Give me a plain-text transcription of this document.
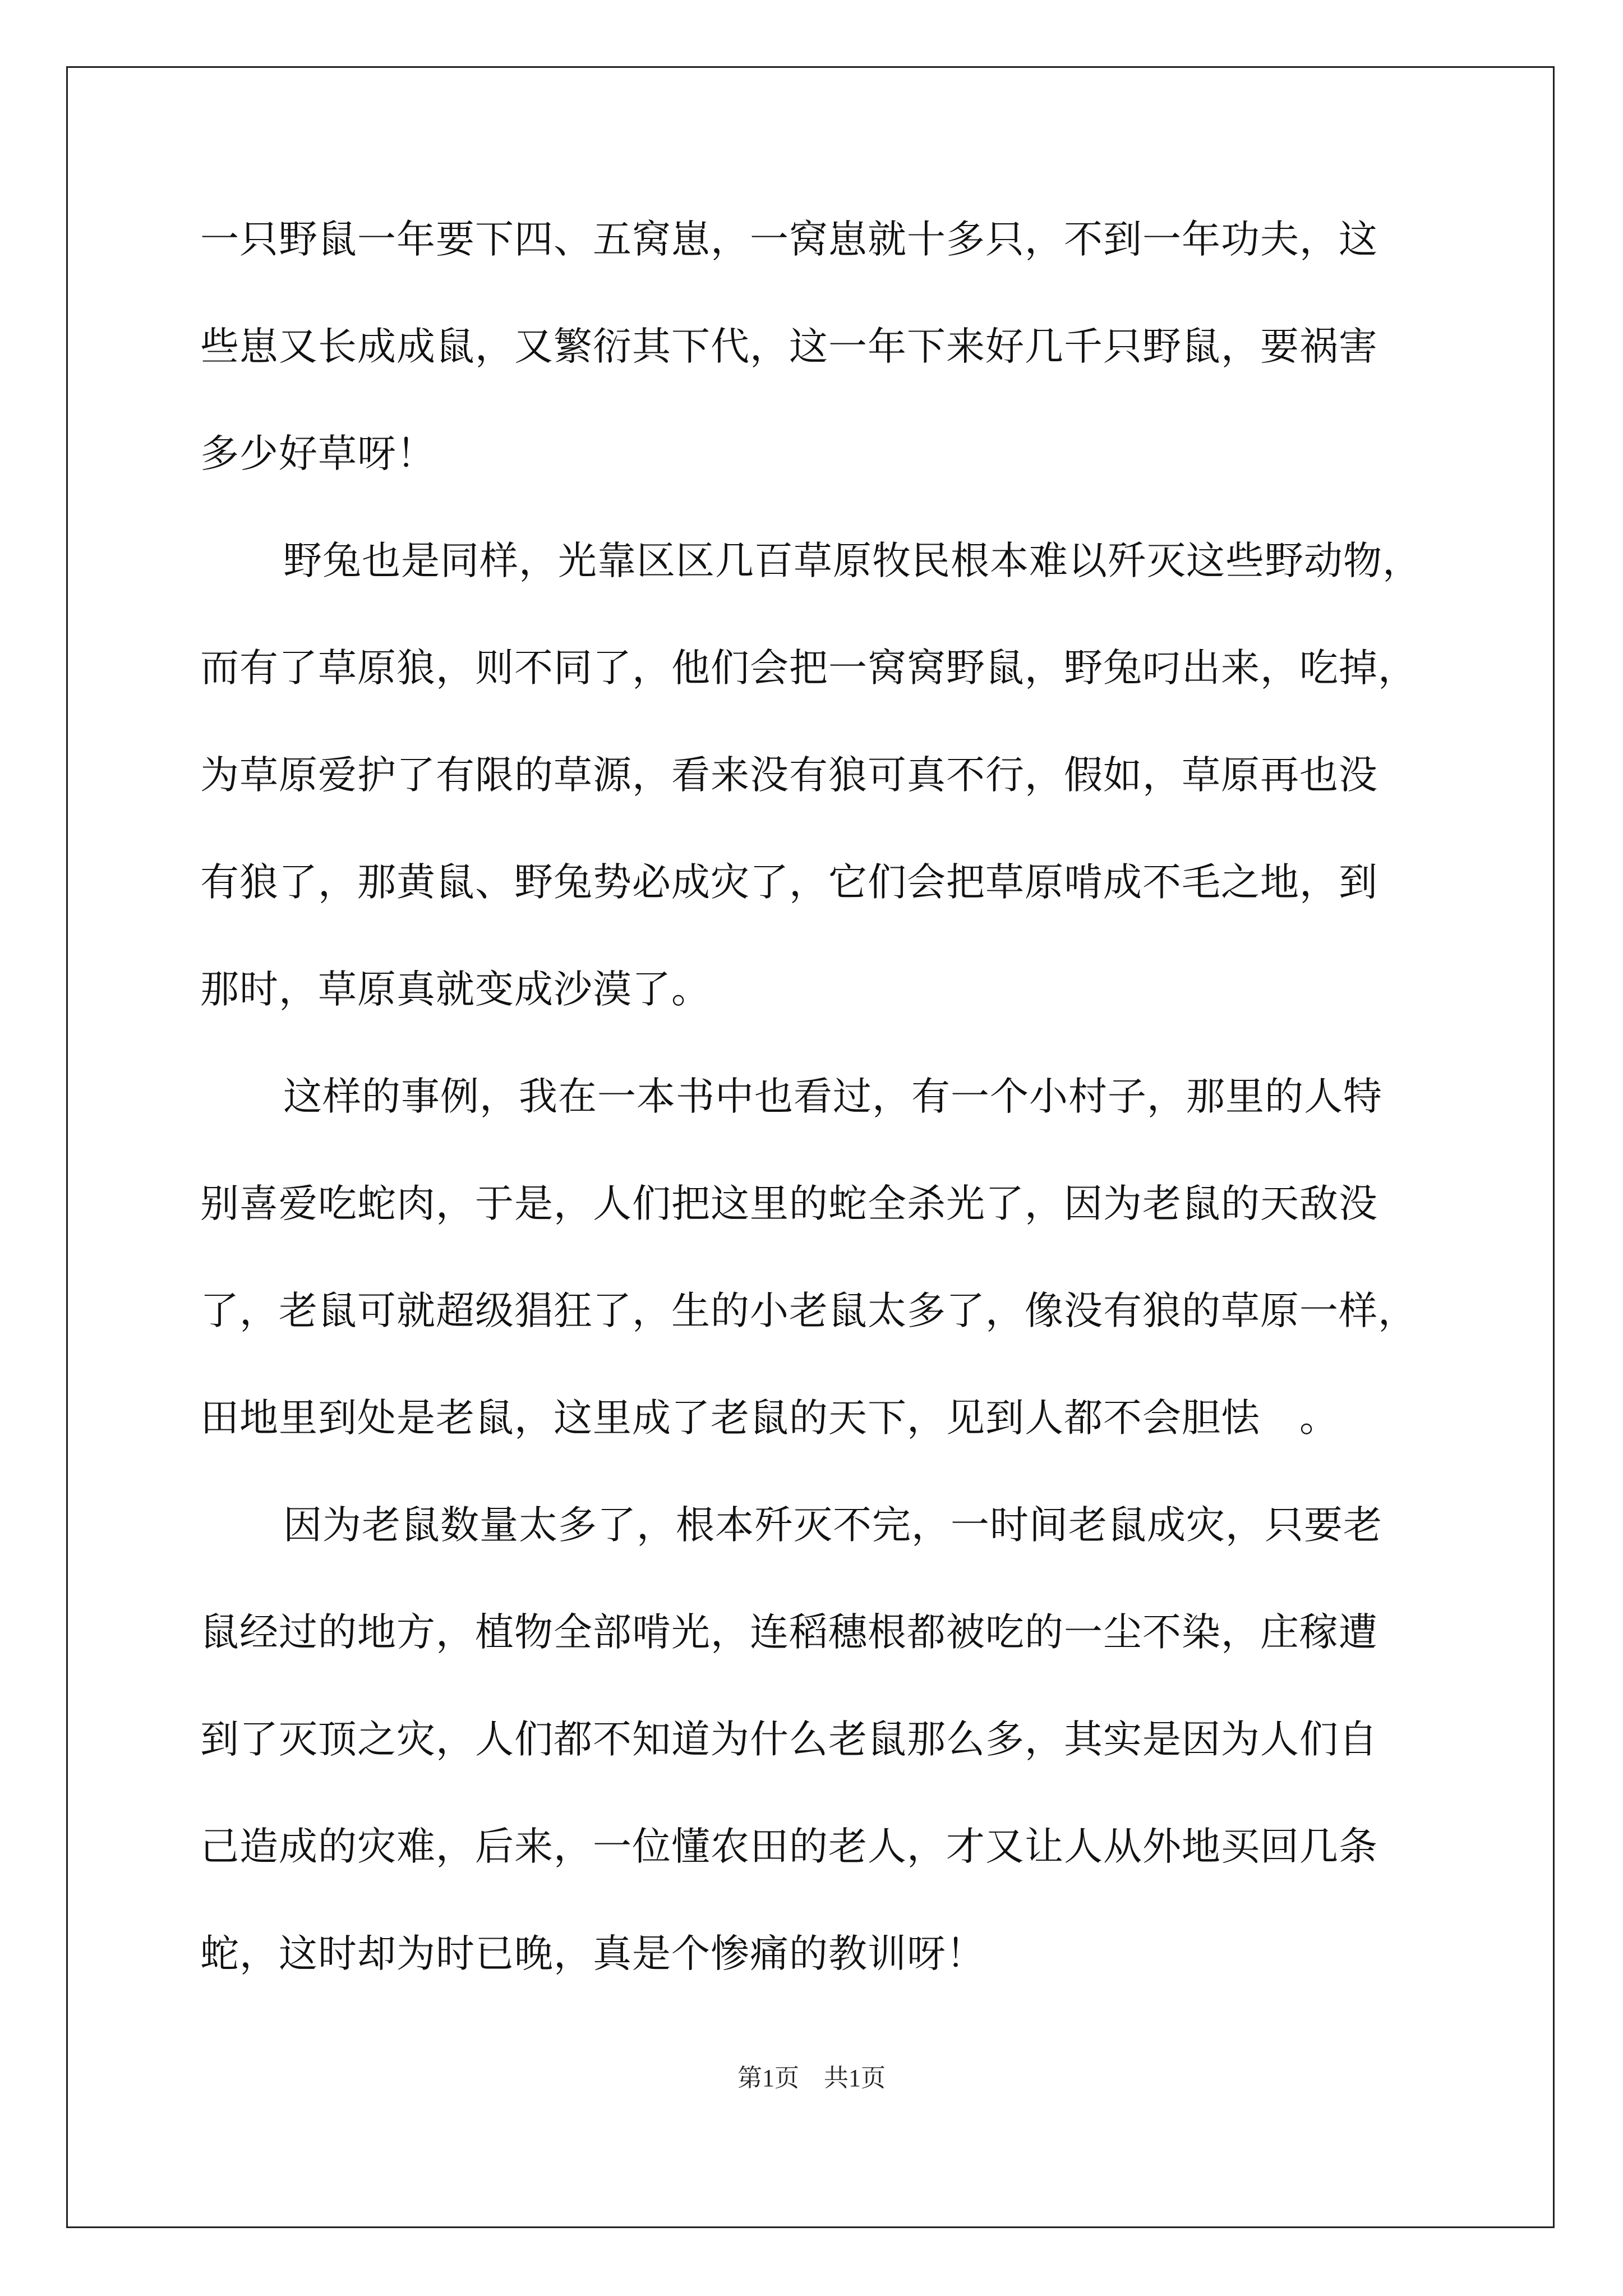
一只野鼠一年要下四、五窝崽，一窝崽就十多只，不到一年功夫，这
些崽又长成成鼠，又繁衍其下代，这一年下来好几千只野鼠，要祸害
多少好草呀！
野兔也是同样，光靠区区几百草原牧民根本难以歼灭这些野动物，
而有了草原狼，则不同了，他们会把一窝窝野鼠，野兔叼出来，吃掉，
为草原爱护了有限的草源，看来没有狼可真不行，假如，草原再也没
有狼了，那黄鼠、野兔势必成灾了，它们会把草原啃成不毛之地，到
那时，草原真就变成沙漠了。
这样的事例，我在一本书中也看过，有一个小村子，那里的人特
别喜爱吃蛇肉，于是，人们把这里的蛇全杀光了，因为老鼠的天敌没
了，老鼠可就超级猖狂了，生的小老鼠太多了，像没有狼的草原一样，
田地里到处是老鼠，这里成了老鼠的天下，见到人都不会胆怯　。
因为老鼠数量太多了，根本歼灭不完，一时间老鼠成灾，只要老
鼠经过的地方，植物全部啃光，连稻穗根都被吃的一尘不染，庄稼遭
到了灭顶之灾，人们都不知道为什么老鼠那么多，其实是因为人们自
己造成的灾难，后来，一位懂农田的老人，才又让人从外地买回几条
蛇，这时却为时已晚，真是个惨痛的教训呀！
第1页　共1页
